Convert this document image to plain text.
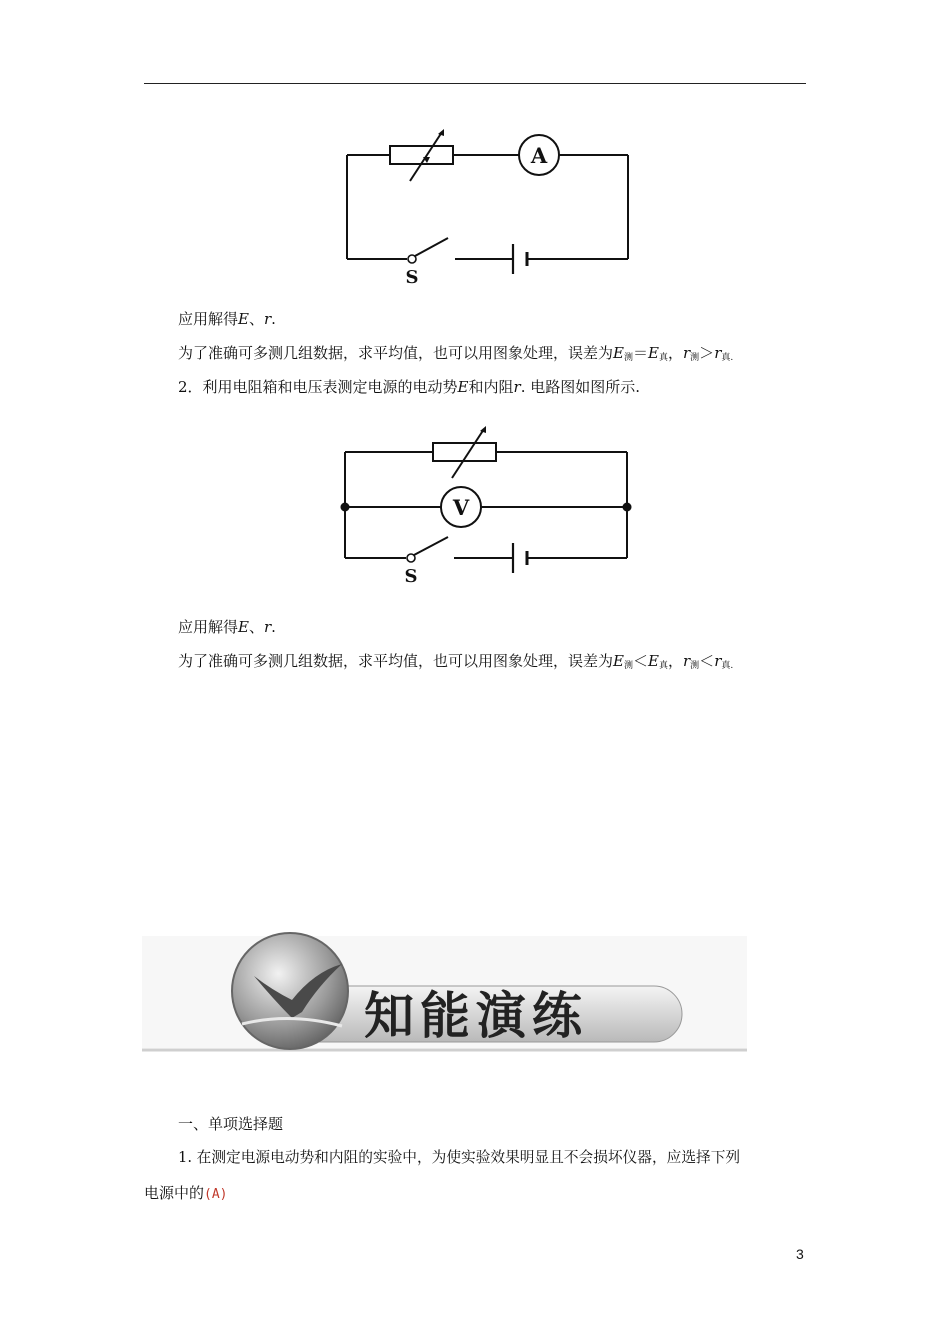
A
S
应用解得E、r.
为了准确可多测几组数据，求平均值，也可以用图象处理，误差为$E_测=E_真$，$r_测>r_{真.}$
2．利用电阻箱和电压表测定电源的电动势E和内阻r. 电路图如图所示.
V
S
应用解得E、r.
为了准确可多测几组数据，求平均值，也可以用图象处理，误差为$E_测<E_真$，$r_测<r_{真.}$
知能演练
一、单项选择题
1. 在测定电源电动势和内阻的实验中，为使实验效果明显且不会损坏仪器，应选择下列
电源中的(A)
3
